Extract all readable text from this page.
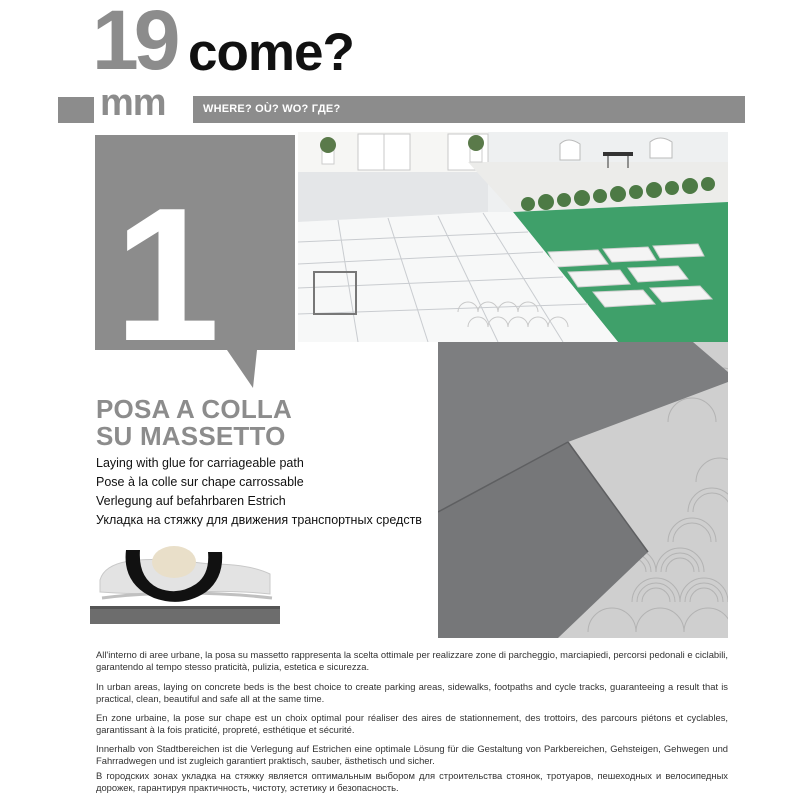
19 come?
mm	WHERE? OÙ? WO? ГДЕ?
1
POSA A COLLA
SU MASSETTO
Laying with glue for carriageable path
Pose à la colle sur chape carrossable
Verlegung auf befahrbaren Estrich
Укладка на стяжку для движения транспортных средств
All'interno di aree urbane, la posa su massetto rappresenta la scelta ottimale per realizzare zone di parcheggio, marciapiedi, percorsi pedonali e ciclabili, garantendo al tempo stesso praticità, pulizia, estetica e sicurezza.
In urban areas, laying on concrete beds is the best choice to create parking areas, sidewalks, footpaths and cycle tracks, guaranteeing a result that is practical, clean, beautiful and safe all at the same time.
En zone urbaine, la pose sur chape est un choix optimal pour réaliser des aires de stationnement, des trottoirs, des parcours piétons et cyclables, garantissant à la fois praticité, propreté, esthétique et sécurité.
Innerhalb von Stadtbereichen ist die Verlegung auf Estrichen eine optimale Lösung für die Gestaltung von Parkbereichen, Gehsteigen, Gehwegen und Fahrradwegen und ist zugleich garantiert praktisch, sauber, ästhetisch und sicher.
В городских зонах укладка на стяжку является оптимальным выбором для строительства стоянок, тротуаров, пешеходных и велосипедных дорожек, гарантируя практичность, чистоту, эстетику и безопасность.
